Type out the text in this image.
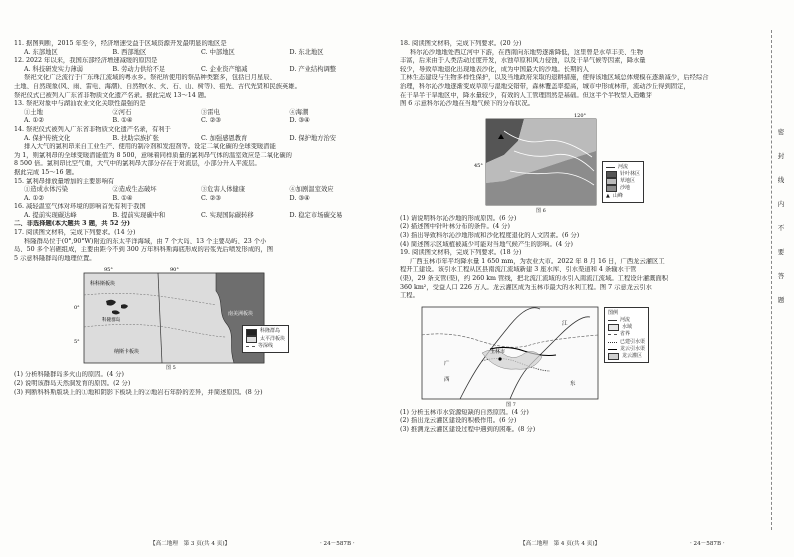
密
封
线
内
不
要
答
题
11. 据图判断，2015 年至今，经济增速受益于区域资源开发最明显的地区是
A. 东部地区	B. 西部地区	C. 中部地区	D. 东北地区
12. 2022 年以来，我国东部经济增速减缓的原因是
A. 科技研发实力薄弱	B. 劳动力供给不足	C. 企业资产缩减	D. 产业结构调整
祭祀文化广泛流行于广东珠江流域的粤水乡。祭祀所使用的祭品种类繁多，包括日月星辰、
土地、自然现象(风、雨、雷电、海潮)、自然物(水、火、石、山、树等)、祖先、古代先贤和民族英雄。
祭祀仪式已被列入广东省非物质文化遗产名录。据此完成 13～14 题。
13. 祭祀对象中与湖汕农业文化关联性最强的是
①土地	②河石	③雷电	④海潮
A. ①②	B. ①④	C. ②③	D. ③④
14. 祭祀仪式被列入广东省非物质文化遗产名录，有利于
A. 保护传统文化	B. 扶助宗族扩张	C. 加强感恩教育	D. 保护地方治安
排入大气的氯利昂来自工业生产、使用的制冷剂和发泡剂等。设定二氧化碳的全球变暖潜能
为 1，则氯利昂的全球变暖潜能值为 8 500，意味着同样质量的氯利昂气体的温室效应是二氧化碳的
8 500 倍。氯利昂比空气重，大气中的氯利昂大部分存在于对流层，小部分升入平流层。
据此完成 15～16 题。
15. 氯利昂排放量增加的主要影响有
①造成水体污染	②造成生态破坏	③危害人体健康	④加剧温室效应
A. ①②	B. ①④	C. ②③	D. ③④
16. 减轻温室气体对环境的影响首先有利于我国
A. 提前实现碳达峰	B. 提前实现碳中和	C. 实现国际碳转移	D. 稳定市场碳交易
二、非选择题(本大题共 3 题，共 52 分)
17. 阅读图文材料，完成下列要求。(14 分)
科隆群岛位于(0°,90°W)附近的东太平洋海域，由 7 个大岛、13 个主要岛屿、23 个小
岛、50 多个岩礁组成，主要由距今不到 300 万年科科斯海底形成的岩浆先后喷发形成的，图
5 示意科隆群岛的地理位置。
95°	90°
0°
5°
科科斯板块
纳斯卡板块
南美洲板块
科隆群岛
科隆群岛
太平洋板块
等深线
图 5
(1) 分析科隆群岛多火山的原因。(4 分)
(2) 说明该群岛天然洞发育的原因。(2 分)
(3) 判断科科斯版块上的①地和阴影下板块上的②地岩石年龄的差异，并简述原因。(8 分)
【高二地理　第 3 页(共 4 页)】	· 24－587B ·
18. 阅读图文材料，完成下列要求。(20 分)
科尔沁沙地地处西辽河中下游，在西南向东地势逐渐降低，这里曾是水草丰美、生物
丰富，后来由于人类活动过度开发，水蚀草原和风力侵蚀，以及干旱气候等因素，降水量
较少，导致草地退化出现地表沙化，成为中国最大的沙地。长期的人
工林生态建设与生物多样性保护，以及当地政府采取的退耕措施，使得该地区域总体规模在逐渐减少，后经综合
治理，科尔沁沙地逐渐变成草原与湿地交错带，森林覆盖率提高，城市中形成林带，流动沙丘得到固定，
在干旱半干旱地区中，降水量较少，有效的人工管理固然是基础。但这半个半牧型人造嫩芽
图 6 示意科尔沁沙地在当地气候下的分布状况。
120°
45°	河流
针叶林区
草地区
沙地
▲ 山峰
图 6
(1) 请说明科尔沁沙地的形成原因。(6 分)
(2) 描述图中针叶林分布的条件。(4 分)
(3) 指出导致科尔沁沙地形成和沙化程度退化的人文因素。(6 分)
(4) 简述图示区域植被减少可能对当地气候产生的影响。(4 分)
19. 阅读图文材料，完成下列要求。(18 分)
广西玉林市年平均降水量 1 650 mm，为农业大市。2022 年 8 月 16 日，广西龙云灌区工
程开工建设。该引水工程从区县南流江流域新建 3 座水库、引水渠道和 4 条输水干管
(渠)，29 条支管(渠)，约 260 km 管线，把北流江流域的水引入南流江流域。工程设计灌溉面积
360 km²，受益人口 226 万人。龙云灌区成为玉林市最大的水利工程。图 7 示意龙云引水
工程。
玉林市
广
西
江
东
图例
河流
水域
省界
已建引水渠
龙云引水渠
龙云灌区
图 7
(1) 分析玉林市水资源短缺的自然原因。(4 分)
(2) 指出龙云灌区建设的积极作用。(6 分)
(3) 推测龙云灌区建设过程中遇到的困难。(8 分)
【高二地理　第 4 页(共 4 页)】	· 24－587B ·
